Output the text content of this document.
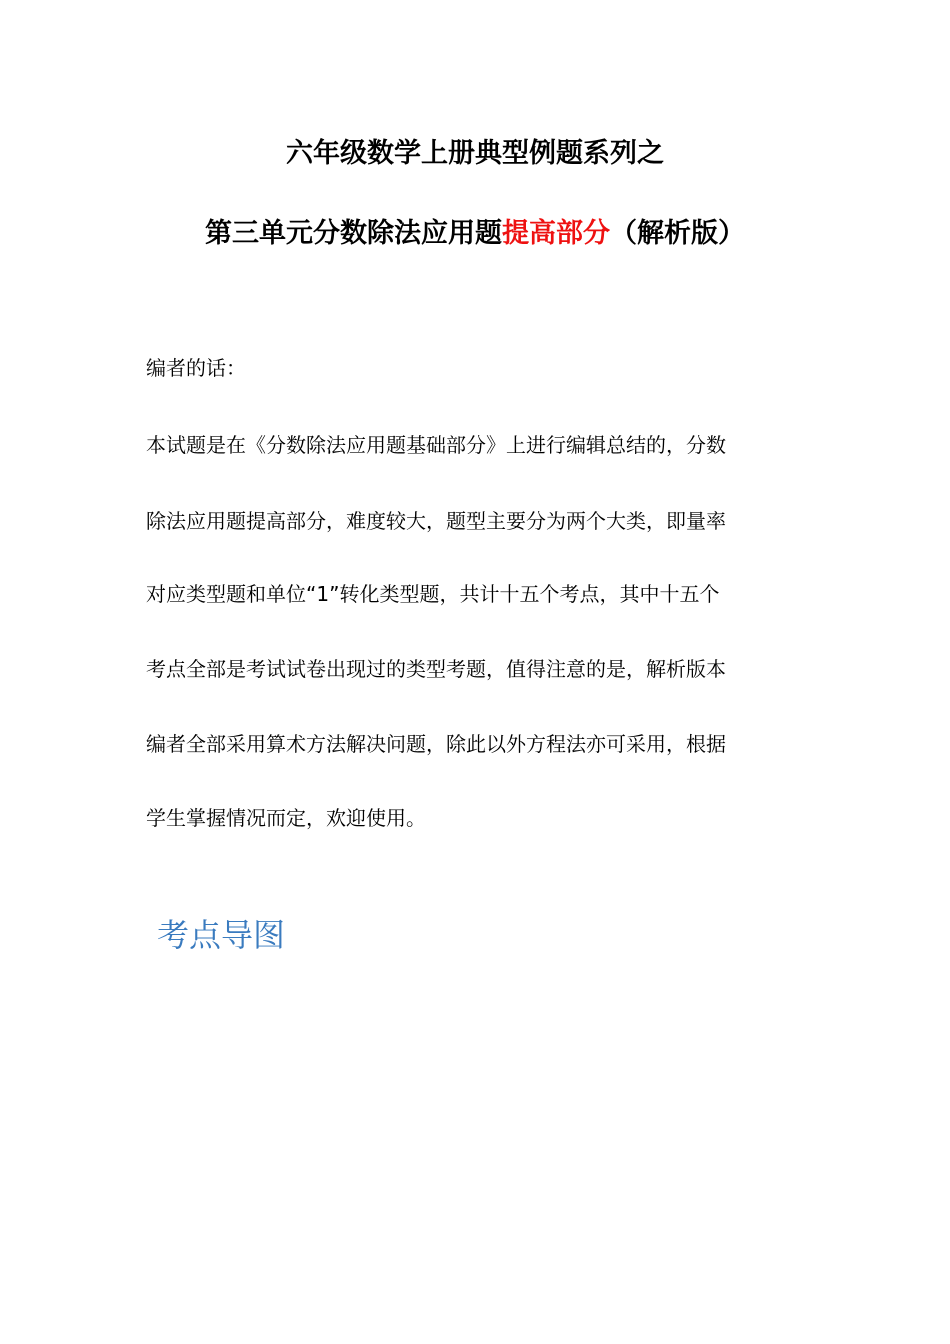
六年级数学上册典型例题系列之
第三单元分数除法应用题提高部分（解析版）
编者的话：
本试题是在《分数除法应用题基础部分》上进行编辑总结的，分数
除法应用题提高部分，难度较大，题型主要分为两个大类，即量率
对应类型题和单位“1”转化类型题，共计十五个考点，其中十五个
考点全部是考试试卷出现过的类型考题，值得注意的是，解析版本
编者全部采用算术方法解决问题，除此以外方程法亦可采用，根据
学生掌握情况而定，欢迎使用。
考点导图
